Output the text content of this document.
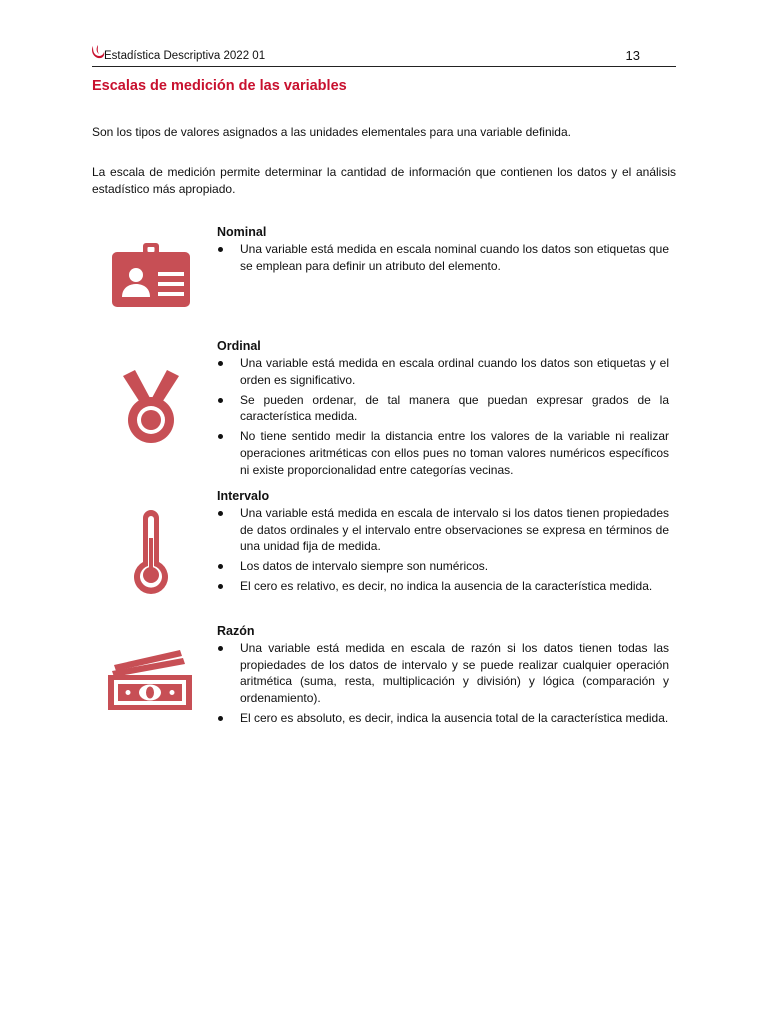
Estadística Descriptiva 2022 01	13
Escalas de medición de las variables

Son los tipos de valores asignados a las unidades elementales para una variable definida.

La escala de medición permite determinar la cantidad de información que contienen los datos y el análisis estadístico más apropiado.

Nominal

Una variable está medida en escala nominal cuando los datos son etiquetas que se emplean para definir un atributo del elemento.

Ordinal

Una variable está medida en escala ordinal cuando los datos son etiquetas y el orden es significativo.
Se pueden ordenar, de tal manera que puedan expresar grados de la característica medida.
No tiene sentido medir la distancia entre los valores de la variable ni realizar operaciones aritméticas con ellos pues no toman valores numéricos específicos ni existe proporcionalidad entre categorías vecinas.

Intervalo

Una variable está medida en escala de intervalo si los datos tienen propiedades de datos ordinales y el intervalo entre observaciones se expresa en términos de una unidad fija de medida.
Los datos de intervalo siempre son numéricos.
El cero es relativo, es decir, no indica la ausencia de la característica medida.

Razón

Una variable está medida en escala de razón si los datos tienen todas las propiedades de los datos de intervalo y se puede realizar cualquier operación aritmética (suma, resta, multiplicación y división) y lógica (comparación y ordenamiento).
El cero es absoluto, es decir, indica la ausencia total de la característica medida.
